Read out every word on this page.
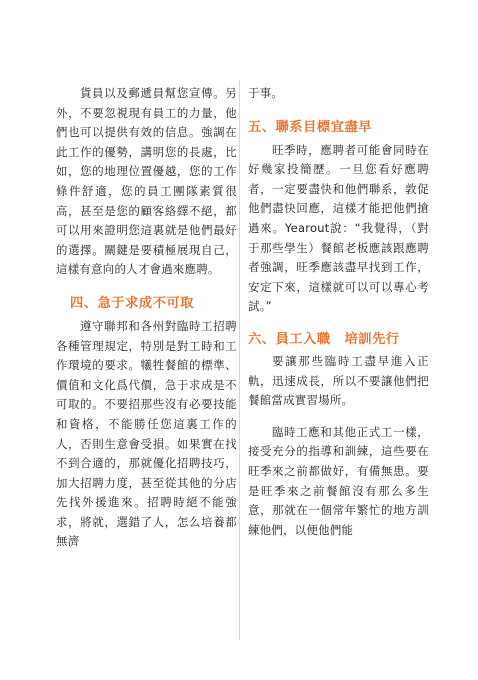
貨員以及郵遞員幫您宣傳。另外，不要忽視現有員工的力量，他們也可以提供有效的信息。強調在此工作的優勢，講明您的長處，比如，您的地理位置優越，您的工作條件舒適，您的員工團隊素質很高，甚至是您的顧客絡繹不絕，都可以用來證明您這裏就是他們最好的選擇。關鍵是要積極展現自己，這樣有意向的人才會過來應聘。

四、急于求成不可取

遵守聯邦和各州對臨時工招聘各種管理規定，特別是對工時和工作環境的要求。犧牲餐館的標準、價值和文化爲代價，急于求成是不可取的。不要招那些沒有必要技能和資格，不能勝任您這裏工作的人，否則生意會受損。如果實在找不到合適的，那就優化招聘技巧，加大招聘力度，甚至從其他的分店先找外援進來。招聘時絕不能強求，將就，選錯了人，怎么培養都無濟

于事。

五、聯系目標宜盡早

旺季時，應聘者可能會同時在好幾家投簡歷。一旦您看好應聘者，一定要盡快和他們聯系，敦促他們盡快回應，這樣才能把他們搶過來。Yearout說：“我覺得，（對于那些學生）餐館老板應該跟應聘者強調，旺季應該盡早找到工作，安定下來，這樣就可以可以專心考試。”

六、員工入職　培訓先行

要讓那些臨時工盡早進入正軌，迅速成長，所以不要讓他們把餐館當成實習場所。

臨時工應和其他正式工一樣，接受充分的指導和訓練，這些要在旺季來之前都做好，有備無患。要是旺季來之前餐館沒有那么多生意，那就在一個常年繁忙的地方訓練他們，以便他們能
